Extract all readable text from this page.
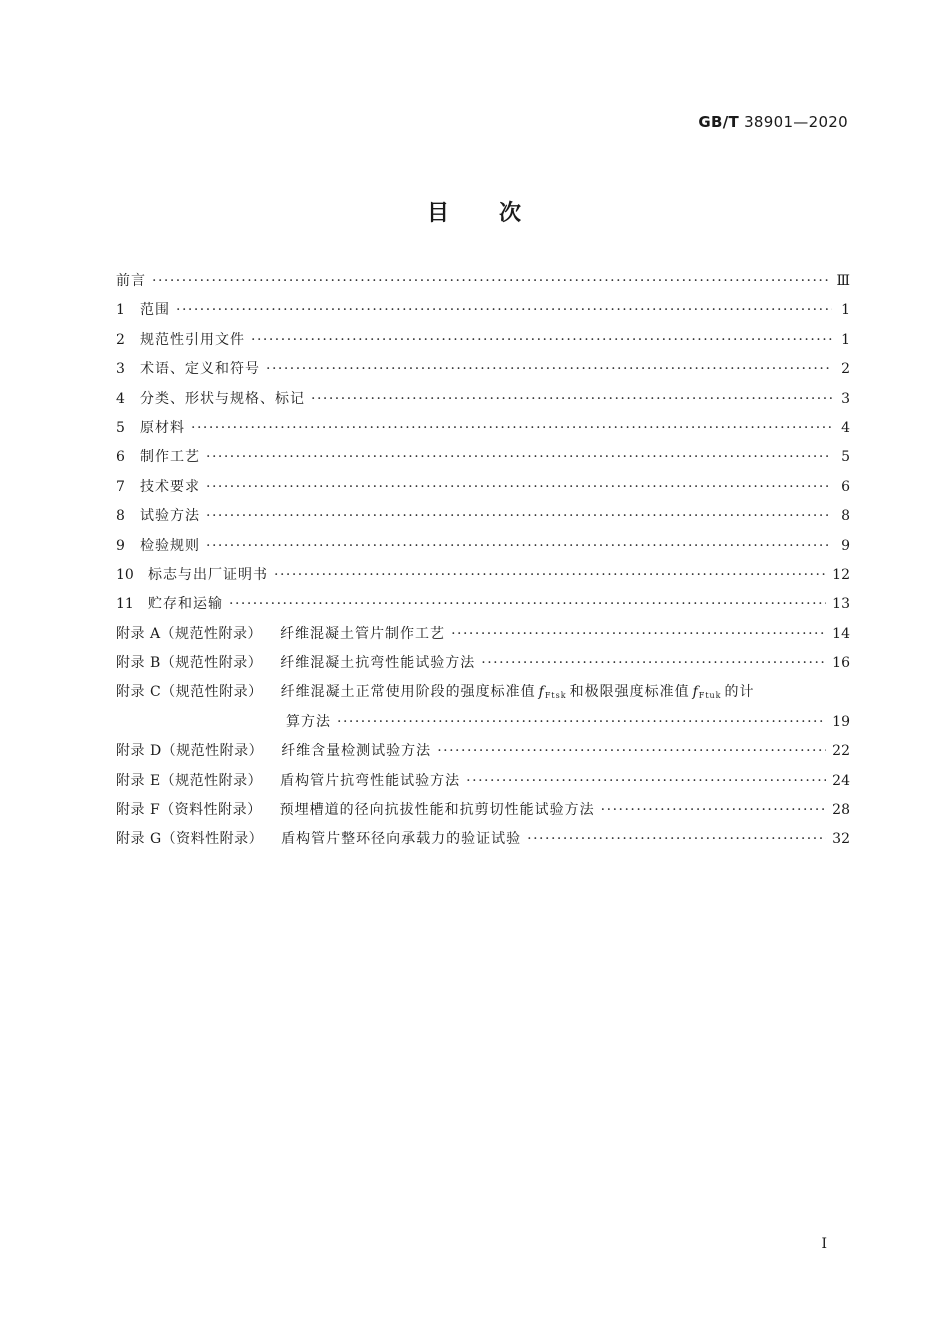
GB/T 38901—2020
目 次
前言 ·····	Ⅲ
1	范围 ·····	1
2	规范性引用文件 ·····	1
3	术语、定义和符号 ·····	2
4	分类、形状与规格、标记 ·····	3
5	原材料 ·····	4
6	制作工艺 ·····	5
7	技术要求 ·····	6
8	试验方法 ·····	8
9	检验规则 ·····	9
10	标志与出厂证明书 ·····	12
11	贮存和运输 ·····	13
附录 A（规范性附录） 纤维混凝土管片制作工艺 ·····	14
附录 B（规范性附录） 纤维混凝土抗弯性能试验方法 ·····	16
附录 C（规范性附录） 纤维混凝土正常使用阶段的强度标准值 $f_{Ftsk}$ 和极限强度标准值 $f_{Ftuk}$ 的计
算方法 ·····	19
附录 D（规范性附录） 纤维含量检测试验方法 ·····	22
附录 E（规范性附录） 盾构管片抗弯性能试验方法 ·····	24
附录 F（资料性附录） 预埋槽道的径向抗拔性能和抗剪切性能试验方法 ·····	28
附录 G（资料性附录） 盾构管片整环径向承载力的验证试验 ·····	32
Ⅰ
